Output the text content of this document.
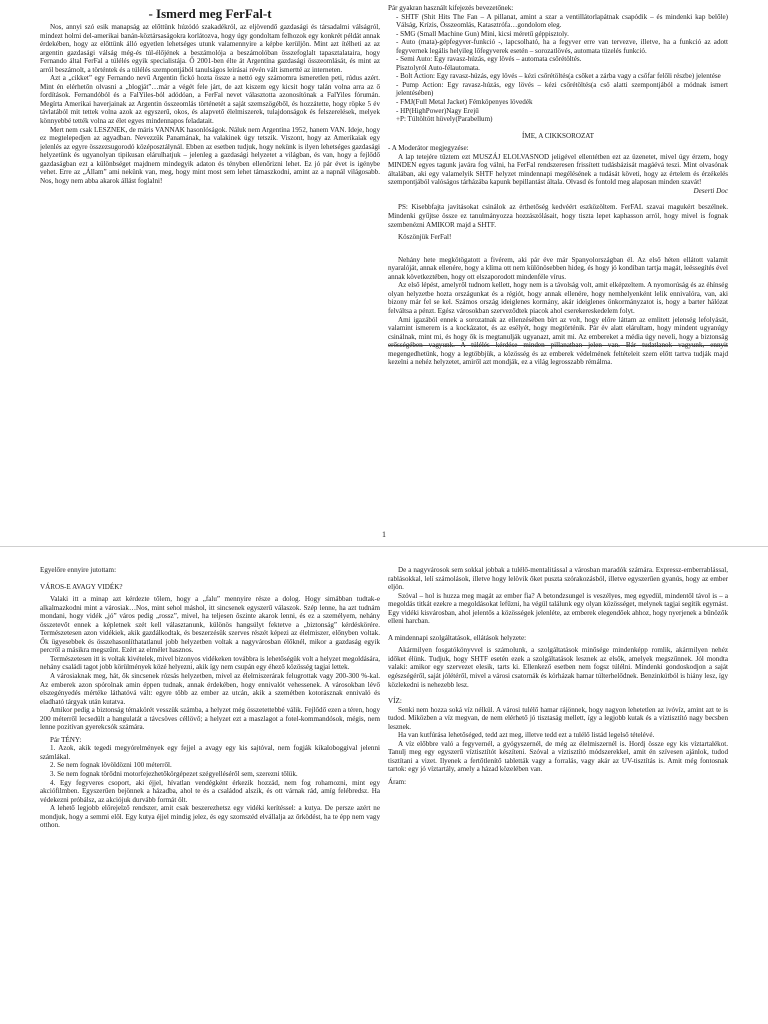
- Ismerd meg FerFal-t

Nos, annyi szó esik manapság az előttünk húzódó szakadékról, az eljövendő gazdasági és társadalmi válságról, mindezt holmi del-amerikai banán-köztársaságokra korlátozva, hogy úgy gondoltam felhozok egy konkrét példát annak érdekében, hogy az előttünk álló egyetlen lehetséges utunk valamennyire a képbe kerüljön. Mint azt ítélheti az az argentin gazdasági válság még-és túl-élőjének a beszámolója a beszámolóban összefoglalt tapasztalataira, hogy Fernando által FerFal a túlélés egyik specialistája. Ő 2001-ben élte át Argentína gazdasági összeomlását, és mint az arról beszámolt, a történtek és a túlélés szempontjából tanulságos leírásai révén vált ismertté az interneten.

Azt a „cikket” egy Fernando nevű Argentin fickó hozta össze a nettó egy számomra ismeretlen peti, rúdus azért. Mint én elérhetőn olvasni a „blogját”…már a végét fele járt, de azt kiszem egy kicsit hogy talán volna arra az ő fordítások. Fernandóból és a FalYiles-ból adódóan, a FerFal nevet választotta azonosítónak a FalYiles fórumán. Megírta Amerikai haverjainak az Argentin összeomlás történetét a saját szemszögéből, és hozzátette, hogy röpke 5 év távlatából mit tettek volna azok az egyszerű, okos, és alapvető élelmiszerek, tulajdonságok és felszerelések, melyek könnyebbé tették volna az élet egyes mindennapos feladatait.

Mert nem csak LESZNEK, de máris VANNAK hasonlóságok. Náluk nem Argentína 1952, hanem VAN. Ideje, hogy ez megtelepedjen az agyadban. Nevezzük Panamának, ha valakinek úgy tetszik. Viszont, hogy az Amerikaiak egy jelenlés az egyre összezsugorodó középosztálynál. Ebben az esetben tudjuk, hogy nekünk is ilyen lehetséges gazdasági helyzetünk és ugyanolyan tipikusan elárulhatjuk – jelenleg a gazdasági helyzetet a világban, és van, hogy a fejlődő gazdaságban ezt a különbséget majdnem mindegyik adaton és tényben ellenőrizni lehet. Ez jó pár évet is igénybe vehet. Erre az „Állam” ami nekünk van, meg, hogy mint most sem lehet támaszkodni, amint az a napnál világosabb. Nos, hogy nem abba akarok állást foglalni!

Pár gyakran használt kifejezés bevezetőnek:

- SHTF (Shit Hits The Fan – A pillanat, amint a szar a ventillátorlapátnak csapódik – és mindenki kap belőle) Válság, Krízis, Összeomlás, Katasztrófa…gondolom eleg.

- SMG (Small Machine Gun) Mini, kicsi méretű géppisztoly.

- Auto (mata)-gépfegyver-funkció -, lapcsolható, ha a fegyver erre van tervezve, illetve, ha a funkció az adott fegyvernek legális helyileg lőfegyverek esetén – sorozatlövés, automata tüzelés funkció.

- Semi Auto: Egy ravasz-húzás, egy lövés – automata csőrétöltés.

Pisztolyról Auto-félautomata.

- Bolt Action: Egy ravasz-húzás, egy lövés – kézi csőrétöltés(a csőket a zárba vagy a csőfar felőli részbe) jelentése

- Pump Action: Egy ravasz-húzás, egy lövés – kézi csőrétöltés(a cső alatti szempontjából a módnak ismert jelentésében)

- FMJ(Full Metal Jacket) Fémköpenyes lövedék

- HP(HighPower)Nagy Erejű

+P: Túltöltött hüvely(Parabellum)

ÍME, A CIKKSOROZAT

- A Moderátor megjegyzése:

A lap tetejére tűztem ezt MUSZÁJ ELOLVASNOD jeligével ellentétben ezt az üzenetet, mivel úgy érzem, hogy MINDEN egyes tagunk javára fog válni, ha FerFal rendszeresen frissített tudásbázisát magáévá teszi. Mint olvasónak általában, aki egy valamelyik SHTF helyzet mindennapi megélésének a tudását követi, hogy az értelem és érzékelés szempontjából valóságos tárházába kapunk bepillantást általa. Olvasd és fontold meg alaposan minden szavát!

Deserti Doc

PS: Kisebbfajta javításokat csinálok az érthetőség kedvéért eszközöltem. FerFAL szavai magukért beszélnek. Mindenki gyűjtse össze ez tanulmányozza hozzászólásait, hogy tiszta lepet kaphasson arról, hogy mivel is fognak szembenézni AMIKOR majd a SHTF.

Köszönjük FerFal!

Nehány hete megkötögatott a fivérem, aki pár éve már Spanyolországban él. Az első héten ellátott valamit nyaralóját, annak ellenére, hogy a klíma ott nem különösebben hideg, és hogy jó kondíban tartja magát, leéssegítés ével annak következtében, hogy ott elszaporodott mindenféle vírus.

Az első lépést, amelyről tudnom kellett, hogy nem is a távolság volt, amit elképzeltem. A nyomorúság és az éhínség olyan helyzetbe hozta országunkat és a régiót, hogy annak ellenére, hogy nemhelyenként lelik ennivalóra, van, aki bizony már fel se kel. Számos ország ideiglenes kormány, akár ideiglenes önkormányzatot is, hogy a barter hálózat felváltsa a pénzt. Egész városokban szerveződtek piacok ahol cserekereskedelem folyt.

Ami igazából ennek a sorozatnak az ellenzésében bírt az volt, hogy előre láttam az emlitett jelenség lefolyását, valamint ismerem is a kockázatot, és az esélyét, hogy megtörténik. Pár év alatt elárultam, hogy mindent ugyanúgy csinálnak, mint mi, és hogy ők is megtanulják ugyanazt, amit mi. Az embereket a média úgy neveli, hogy a biztonság erősségében vagyunk. A túlélés kérdése minden pillanatban jelen van. Bár tudatlanok vagyunk, ennyit megengedhetünk, hogy a legtöbbjük, a közösség és az emberek védelmének feltételeit szem előtt tartva tudják majd kezelni a nehéz helyzetet, amiről azt mondják, ez a világ legrosszabb rémálma.

1

Egyelőre ennyire jutottam:

VÁROS-E AVAGY VIDÉK?

Valaki itt a minap azt kérdezte tőlem, hogy a „falu” mennyire része a dolog. Hogy simábban tudtak-e alkalmazkodni mint a városiak…Nos, mint sehol máshol, itt sincsenek egyszerű válaszok. Szép lenne, ha azt tudnám mondani, hogy vidék „jó” város pedig „rossz”, mivel, ha teljesen őszinte akarok lenni, és ez a személyem, nehány összetevőt ennek a képletnek szét kell választanunk, különös hangsúlyt fektetve a „biztonság” kérdéskörére. Természetesen azon vidékiek, akik gazdálkodtak, és beszerzésük szerves részét képezi az élelmiszer, előnyben voltak. Ők ügyesebbek és összehasonlíthatatlanul jobb helyzetben voltak a nagyvárosban élőknél, mikor a gazdaság egyik percről a másikra megszűnt. Ezért az elmélet hasznos.

Természetesen itt is voltak kivételek, mivel bizonyos vidékeken továbbra is lehetőségük volt a helyzet megoldására, nehány családi tagot jobb körülmények közé helyezni, akik így nem csupán egy éhező közösség tagjai lettek.

A városiaknak meg, hát, ők sincsenek rózsás helyzetben, mivel az élelmiszerárak felugrottak vagy 200-300 %-kal. Az emberek azon spórolnak amin éppen tudnak, annak érdekében, hogy ennivalót vehessenek. A városokban lévő elszegényedés mértéke láthatóvá vált: egyre több az ember az utcán, akik a szemétben kotorásznak ennivaló és eladható tárgyak után kutatva.

Amikor pedig a biztonság témakörét vesszük számba, a helyzet még összetettebbé válik. Fejlődő ezen a téren, hogy 200 méterről lecsedült a hangulatát a távcsöves céllövő; a helyzet ezt a maszlagot a fotel-kommandósok, mégis, nem lenne pozitívan gyerekcsók számára.

Pár TÉNY:

1. Azok, akik tegedi megyórelmények egy fejjel a avagy egy kis sajtóval, nem fogják kikaloboggival jelenni számlákal.

2. Se nem fognak lövöldözni 100 méterről.

3. Se nem fognak törődni motorfejezhetőkörgépezet szégyelléséről sem, szerezni tőlük.

4. Egy fegyveres csoport, aki éjjel, hívatlan vendégként érkezik hozzád, nem fog rohamozni, mint egy akciófilmben. Egyszerűen bejönnek a házadba, ahol te és a családod alszik, és ott várnak rád, amíg felébredsz. Ha védekezni próbálsz, az akciójuk durvább formát ölt.

A lehető legjobb előrejelző rendszer, amit csak beszerezhetsz egy vidéki kerítéssel: a kutya. De persze azért ne mondjuk, hogy a semmi elől. Egy kutya éjjel mindig jelez, és egy szomszéd elvállalja az őrködést, ha te épp nem vagy otthon.

De a nagyvárosok sem sokkal jobbak a tulélő-mentalitással a városban maradók számára. Expressz-emberrablással, rablásokkal, lelí számolások, illetve hogy lelövik őket puszta szórakozásból, illetve egyszerűen gyanús, hogy az ember eljön.

Szóval – hol is huzza meg magát az ember fia? A betondzsungel is veszélyes, meg egyedül, mindentől távol is – a megoldás titkát ezekre a megoldásokat lefűzni, ha végül találunk egy olyan közösséget, melynek tagjai segítik egymást. Egy vidéki kisvárosban, ahol jelentős a közösségek jelenléte, az emberek elegendőek ahhoz, hogy nyerjenek a bűnözők elleni harcban.

A mindennapi szolgáltatások, ellátások helyzete:

Akármilyen fosgatókönyvvel is számolunk, a szolgáltatások minősége mindenképp romlik, akármilyen nehéz időket élünk. Tudjuk, hogy SHTF esetén ezek a szolgáltatások lesznek az elsők, amelyek megszűnnek. Jól mondta valaki: amikor egy szervezet elesik, tarts ki. Ellenkező esetben nem fogsz túlélni. Mindenki gondoskodjon a saját egészségéről, saját jólétéről, mivel a városi csatornák és kórházak hamar túlterhelődnek. Benzinkútból is hiány lesz, így közlekedni is nehezebb lesz.

VÍZ:

Senki nem hozza soká víz nélkül. A városi tulélő hamar rájönnek, hogy nagyon lehetetlen az ivóvíz, amint azt te is tudod. Miközben a víz megvan, de nem elérhető jó tisztaság mellett, így a legjobb kutak és a víztisztító nagy becsben lesznek.

Ha van kutfúrása lehetőséged, tedd azt meg, illetve tedd ezt a tulélő listád legelső tételévé.

A víz előbbre való a fegyvernél, a gyógyszernél, de még az élelmiszernél is. Hordj össze egy kis víztartalékot. Tanulj meg egy egyszerű víztisztítót készíteni. Szóval a víztisztító módszerekkel, amit én szívesen ajánlok, tudod tisztítani a vizet. Ilyenek a fertőtlenítő tabletták vagy a forralás, vagy akár az UV-tisztítás is. Amit még fontosnak tartok: egy jó víztartály, amely a házad közelében van.

Áram:
